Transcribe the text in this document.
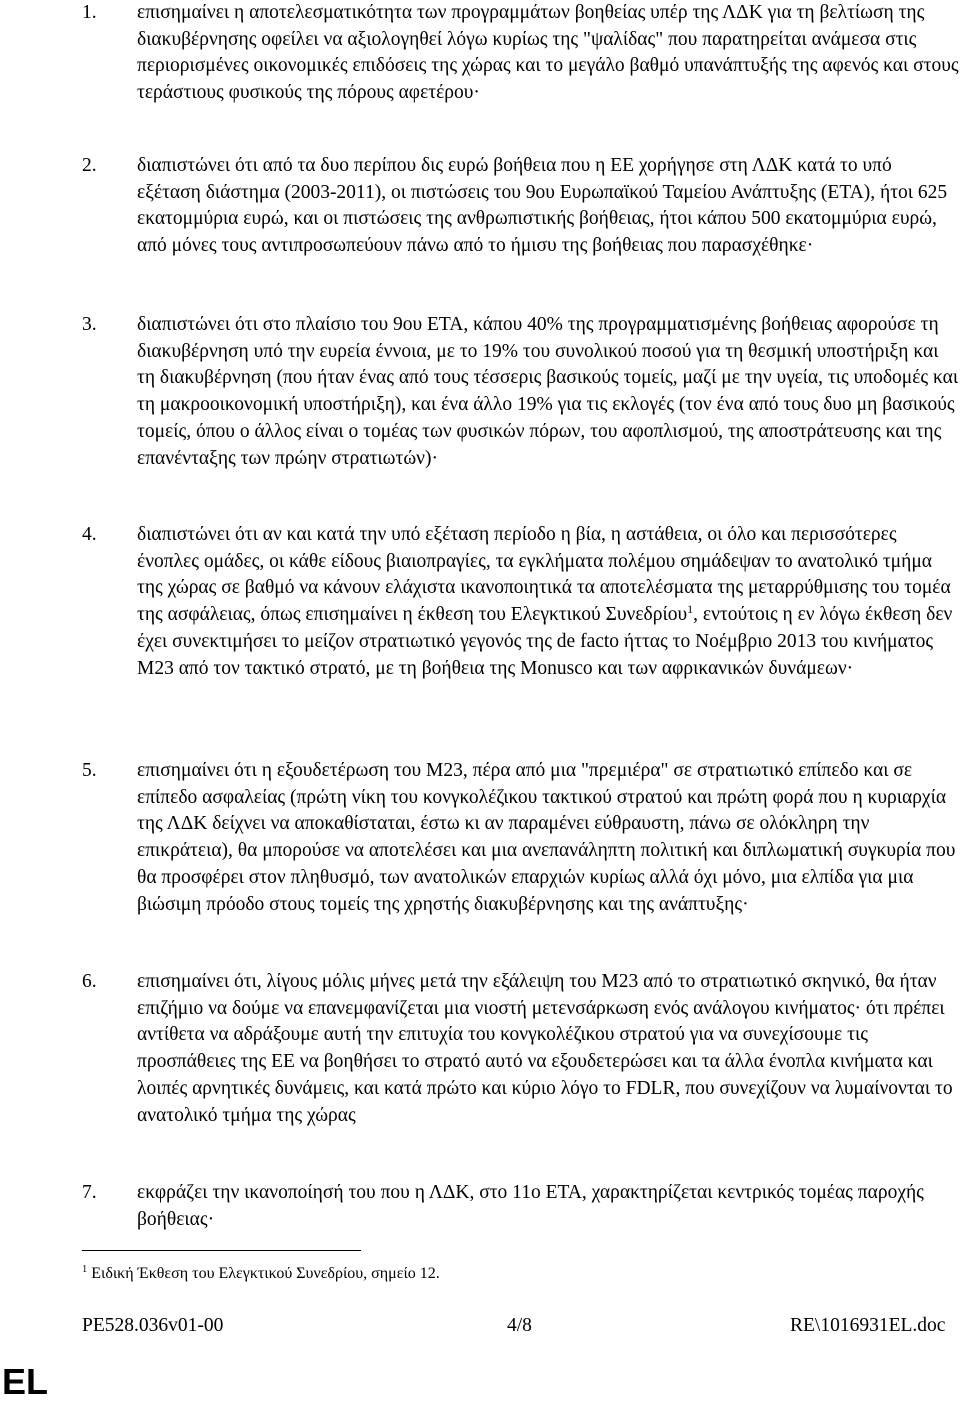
1. επισημαίνει η αποτελεσματικότητα των προγραμμάτων βοηθείας υπέρ της ΛΔΚ για τη βελτίωση της διακυβέρνησης οφείλει να αξιολογηθεί λόγω κυρίως της "ψαλίδας" που παρατηρείται ανάμεσα στις περιορισμένες οικονομικές επιδόσεις της χώρας και το μεγάλο βαθμό υπανάπτυξής της αφενός και στους τεράστιους φυσικούς της πόρους αφετέρου·
2. διαπιστώνει ότι από τα δυο περίπου δις ευρώ βοήθεια που η ΕΕ χορήγησε στη ΛΔΚ κατά το υπό εξέταση διάστημα (2003-2011), οι πιστώσεις του 9ου Ευρωπαϊκού Ταμείου Ανάπτυξης (ΕΤΑ), ήτοι 625 εκατομμύρια ευρώ, και οι πιστώσεις της ανθρωπιστικής βοήθειας, ήτοι κάπου 500 εκατομμύρια ευρώ, από μόνες τους αντιπροσωπεύουν πάνω από το ήμισυ της βοήθειας που παρασχέθηκε·
3. διαπιστώνει ότι στο πλαίσιο του 9ου ΕΤΑ, κάπου 40% της προγραμματισμένης βοήθειας αφορούσε τη διακυβέρνηση υπό την ευρεία έννοια, με το 19% του συνολικού ποσού για τη θεσμική υποστήριξη και τη διακυβέρνηση (που ήταν ένας από τους τέσσερις βασικούς τομείς, μαζί με την υγεία, τις υποδομές και τη μακροοικονομική υποστήριξη), και ένα άλλο 19% για τις εκλογές (τον ένα από τους δυο μη βασικούς τομείς, όπου ο άλλος είναι ο τομέας των φυσικών πόρων, του αφοπλισμού, της αποστράτευσης και της επανένταξης των πρώην στρατιωτών)·
4. διαπιστώνει ότι αν και κατά την υπό εξέταση περίοδο η βία, η αστάθεια, οι όλο και περισσότερες ένοπλες ομάδες, οι κάθε είδους βιαιοπραγίες, τα εγκλήματα πολέμου σημάδεψαν το ανατολικό τμήμα της χώρας σε βαθμό να κάνουν ελάχιστα ικανοποιητικά τα αποτελέσματα της μεταρρύθμισης του τομέα της ασφάλειας, όπως επισημαίνει η έκθεση του Ελεγκτικού Συνεδρίου$^1$, εντούτοις η εν λόγω έκθεση δεν έχει συνεκτιμήσει το μείζον στρατιωτικό γεγονός της de facto ήττας το Νοέμβριο 2013 του κινήματος Μ23 από τον τακτικό στρατό, με τη βοήθεια της Monusco και των αφρικανικών δυνάμεων·
5. επισημαίνει ότι η εξουδετέρωση του Μ23, πέρα από μια "πρεμιέρα" σε στρατιωτικό επίπεδο και σε επίπεδο ασφαλείας (πρώτη νίκη του κονγκολέζικου τακτικού στρατού και πρώτη φορά που η κυριαρχία της ΛΔΚ δείχνει να αποκαθίσταται, έστω κι αν παραμένει εύθραυστη, πάνω σε ολόκληρη την επικράτεια), θα μπορούσε να αποτελέσει και μια ανεπανάληπτη πολιτική και διπλωματική συγκυρία που θα προσφέρει στον πληθυσμό, των ανατολικών επαρχιών κυρίως αλλά όχι μόνο, μια ελπίδα για μια βιώσιμη πρόοδο στους τομείς της χρηστής διακυβέρνησης και της ανάπτυξης·
6. επισημαίνει ότι, λίγους μόλις μήνες μετά την εξάλειψη του Μ23 από το στρατιωτικό σκηνικό, θα ήταν επιζήμιο να δούμε να επανεμφανίζεται μια νιοστή μετενσάρκωση ενός ανάλογου κινήματος· ότι πρέπει αντίθετα να αδράξουμε αυτή την επιτυχία του κονγκολέζικου στρατού για να συνεχίσουμε τις προσπάθειες της ΕΕ να βοηθήσει το στρατό αυτό να εξουδετερώσει και τα άλλα ένοπλα κινήματα και λοιπές αρνητικές δυνάμεις, και κατά πρώτο και κύριο λόγο το FDLR, που συνεχίζουν να λυμαίνονται το ανατολικό τμήμα της χώρας
7. εκφράζει την ικανοποίησή του που η ΛΔΚ, στο 11ο ΕΤΑ, χαρακτηρίζεται κεντρικός τομέας παροχής βοήθειας·
$^1$ Ειδική Έκθεση του Ελεγκτικού Συνεδρίου, σημείο 12.
PE528.036v01-00	4/8	RE\1016931EL.doc
EL
